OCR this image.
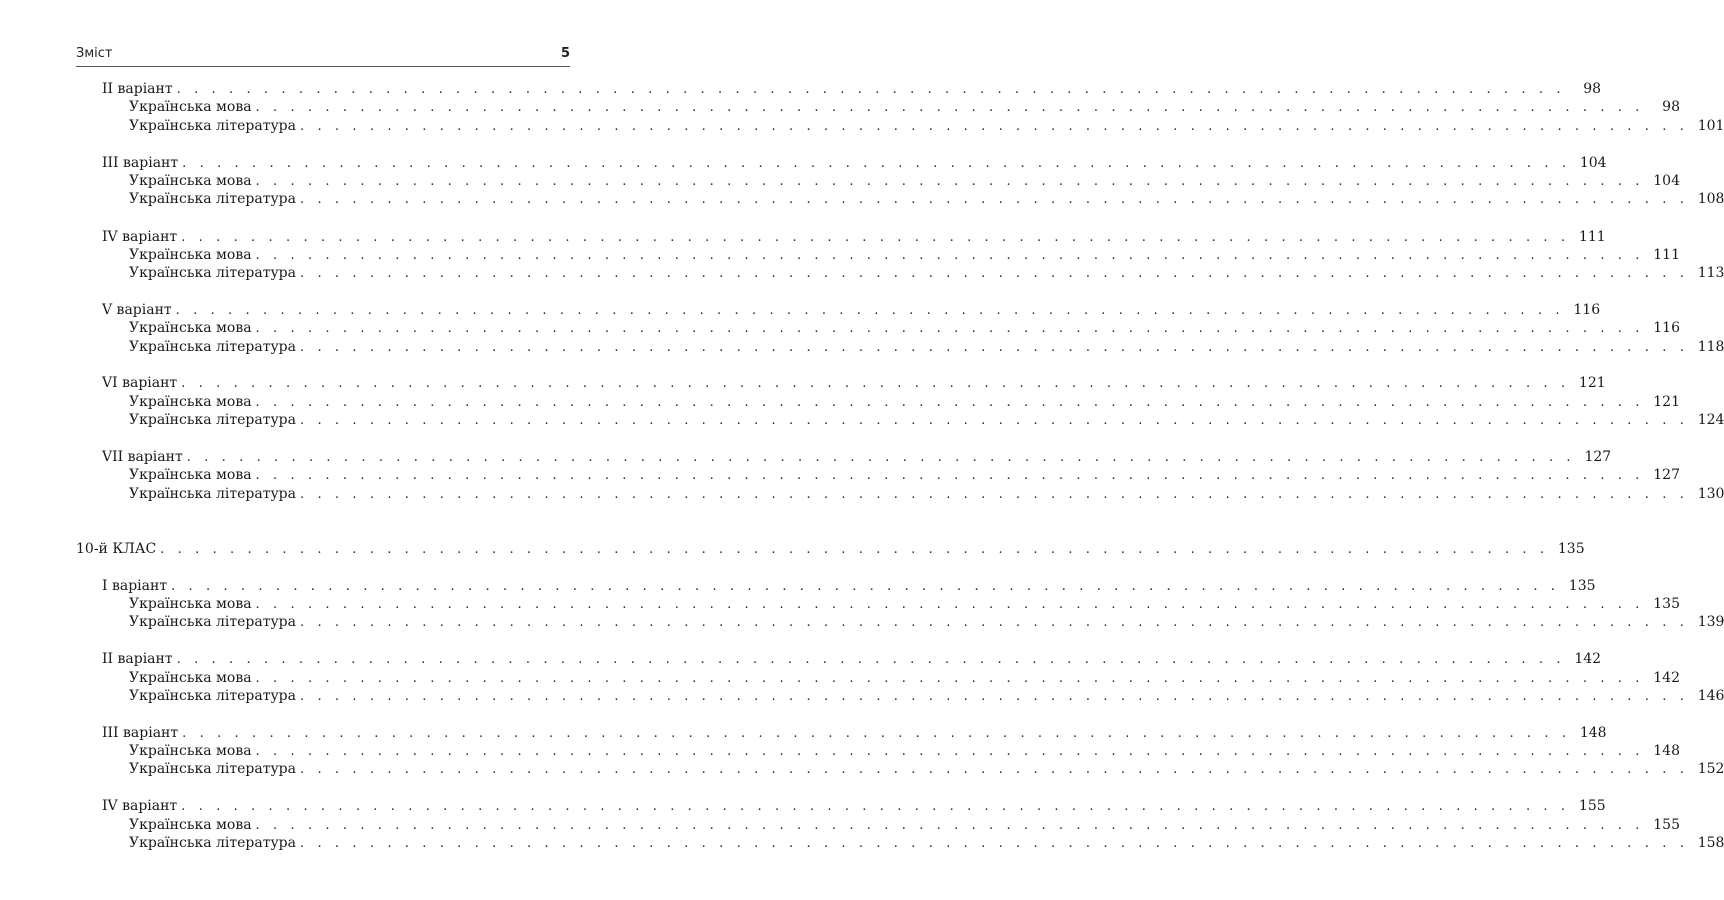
Зміст	5
II варіант . . . . . . . . . . . . . . . . . . . . . . . . . . . . . . . . . . . . . . . . . . . . . . . . . . . . . . . . . . . . . . . . . . . . . . . . . . . . . . . .	98
Українська мова . . . . . . . . . . . . . . . . . . . . . . . . . . . . . . . . . . . . . . . . . . . . . . . . . . . . . . . . . . . . . . . . . . . . . . . . . . . . . . . .	98
Українська література . . . . . . . . . . . . . . . . . . . . . . . . . . . . . . . . . . . . . . . . . . . . . . . . . . . . . . . . . . . . . . . . . . . . . . . . . . . . . . . . 101
III варіант . . . . . . . . . . . . . . . . . . . . . . . . . . . . . . . . . . . . . . . . . . . . . . . . . . . . . . . . . . . . . . . . . . . . . . . . . . . . . . . . 104
Українська мова . . . . . . . . . . . . . . . . . . . . . . . . . . . . . . . . . . . . . . . . . . . . . . . . . . . . . . . . . . . . . . . . . . . . . . . . . . . . . . . . 104
Українська література . . . . . . . . . . . . . . . . . . . . . . . . . . . . . . . . . . . . . . . . . . . . . . . . . . . . . . . . . . . . . . . . . . . . . . . . . . . . . . . . 108
IV варіант . . . . . . . . . . . . . . . . . . . . . . . . . . . . . . . . . . . . . . . . . . . . . . . . . . . . . . . . . . . . . . . . . . . . . . . . . . . . . . . . 111
Українська мова . . . . . . . . . . . . . . . . . . . . . . . . . . . . . . . . . . . . . . . . . . . . . . . . . . . . . . . . . . . . . . . . . . . . . . . . . . . . . . . . 111
Українська література . . . . . . . . . . . . . . . . . . . . . . . . . . . . . . . . . . . . . . . . . . . . . . . . . . . . . . . . . . . . . . . . . . . . . . . . . . . . . . . . 113
V варіант . . . . . . . . . . . . . . . . . . . . . . . . . . . . . . . . . . . . . . . . . . . . . . . . . . . . . . . . . . . . . . . . . . . . . . . . . . . . . . . . 116
Українська мова . . . . . . . . . . . . . . . . . . . . . . . . . . . . . . . . . . . . . . . . . . . . . . . . . . . . . . . . . . . . . . . . . . . . . . . . . . . . . . . . 116
Українська література . . . . . . . . . . . . . . . . . . . . . . . . . . . . . . . . . . . . . . . . . . . . . . . . . . . . . . . . . . . . . . . . . . . . . . . . . . . . . . . . 118
VI варіант . . . . . . . . . . . . . . . . . . . . . . . . . . . . . . . . . . . . . . . . . . . . . . . . . . . . . . . . . . . . . . . . . . . . . . . . . . . . . . . . 121
Українська мова . . . . . . . . . . . . . . . . . . . . . . . . . . . . . . . . . . . . . . . . . . . . . . . . . . . . . . . . . . . . . . . . . . . . . . . . . . . . . . . . 121
Українська література . . . . . . . . . . . . . . . . . . . . . . . . . . . . . . . . . . . . . . . . . . . . . . . . . . . . . . . . . . . . . . . . . . . . . . . . . . . . . . . . 124
VII варіант . . . . . . . . . . . . . . . . . . . . . . . . . . . . . . . . . . . . . . . . . . . . . . . . . . . . . . . . . . . . . . . . . . . . . . . . . . . . . . . . 127
Українська мова . . . . . . . . . . . . . . . . . . . . . . . . . . . . . . . . . . . . . . . . . . . . . . . . . . . . . . . . . . . . . . . . . . . . . . . . . . . . . . . . 127
Українська література . . . . . . . . . . . . . . . . . . . . . . . . . . . . . . . . . . . . . . . . . . . . . . . . . . . . . . . . . . . . . . . . . . . . . . . . . . . . . . . . 130
10-й КЛАС . . . . . . . . . . . . . . . . . . . . . . . . . . . . . . . . . . . . . . . . . . . . . . . . . . . . . . . . . . . . . . . . . . . . . . . . . . . . . . . . 135
I варіант . . . . . . . . . . . . . . . . . . . . . . . . . . . . . . . . . . . . . . . . . . . . . . . . . . . . . . . . . . . . . . . . . . . . . . . . . . . . . . . . 135
Українська мова . . . . . . . . . . . . . . . . . . . . . . . . . . . . . . . . . . . . . . . . . . . . . . . . . . . . . . . . . . . . . . . . . . . . . . . . . . . . . . . . 135
Українська література . . . . . . . . . . . . . . . . . . . . . . . . . . . . . . . . . . . . . . . . . . . . . . . . . . . . . . . . . . . . . . . . . . . . . . . . . . . . . . . . 139
II варіант . . . . . . . . . . . . . . . . . . . . . . . . . . . . . . . . . . . . . . . . . . . . . . . . . . . . . . . . . . . . . . . . . . . . . . . . . . . . . . . . 142
Українська мова . . . . . . . . . . . . . . . . . . . . . . . . . . . . . . . . . . . . . . . . . . . . . . . . . . . . . . . . . . . . . . . . . . . . . . . . . . . . . . . . 142
Українська література . . . . . . . . . . . . . . . . . . . . . . . . . . . . . . . . . . . . . . . . . . . . . . . . . . . . . . . . . . . . . . . . . . . . . . . . . . . . . . . . 146
III варіант . . . . . . . . . . . . . . . . . . . . . . . . . . . . . . . . . . . . . . . . . . . . . . . . . . . . . . . . . . . . . . . . . . . . . . . . . . . . . . . . 148
Українська мова . . . . . . . . . . . . . . . . . . . . . . . . . . . . . . . . . . . . . . . . . . . . . . . . . . . . . . . . . . . . . . . . . . . . . . . . . . . . . . . . 148
Українська література . . . . . . . . . . . . . . . . . . . . . . . . . . . . . . . . . . . . . . . . . . . . . . . . . . . . . . . . . . . . . . . . . . . . . . . . . . . . . . . . 152
IV варіант . . . . . . . . . . . . . . . . . . . . . . . . . . . . . . . . . . . . . . . . . . . . . . . . . . . . . . . . . . . . . . . . . . . . . . . . . . . . . . . . 155
Українська мова . . . . . . . . . . . . . . . . . . . . . . . . . . . . . . . . . . . . . . . . . . . . . . . . . . . . . . . . . . . . . . . . . . . . . . . . . . . . . . . . 155
Українська література . . . . . . . . . . . . . . . . . . . . . . . . . . . . . . . . . . . . . . . . . . . . . . . . . . . . . . . . . . . . . . . . . . . . . . . . . . . . . . . . 158
